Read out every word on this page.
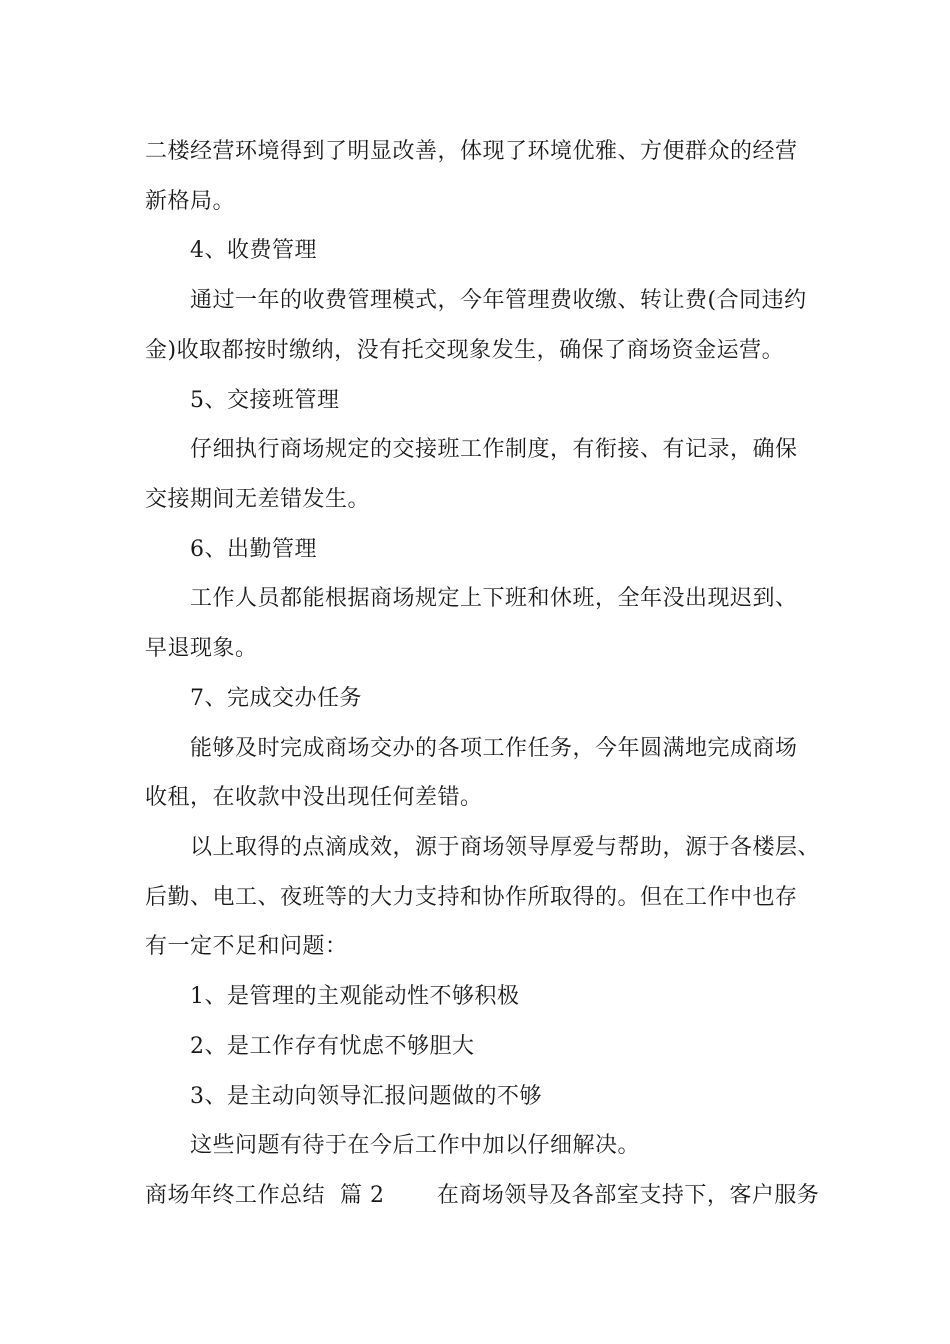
二楼经营环境得到了明显改善，体现了环境优雅、方便群众的经营
新格局。
4、收费管理
通过一年的收费管理模式，今年管理费收缴、转让费(合同违约
金)收取都按时缴纳，没有托交现象发生，确保了商场资金运营。
5、交接班管理
仔细执行商场规定的交接班工作制度，有衔接、有记录，确保
交接期间无差错发生。
6、出勤管理
工作人员都能根据商场规定上下班和休班，全年没出现迟到、
早退现象。
7、完成交办任务
能够及时完成商场交办的各项工作任务，今年圆满地完成商场
收租，在收款中没出现任何差错。
以上取得的点滴成效，源于商场领导厚爱与帮助，源于各楼层、
后勤、电工、夜班等的大力支持和协作所取得的。但在工作中也存
有一定不足和问题：
1、是管理的主观能动性不够积极
2、是工作存有忧虑不够胆大
3、是主动向领导汇报问题做的不够
这些问题有待于在今后工作中加以仔细解决。
商场年终工作总结  篇 2       在商场领导及各部室支持下，客户服务
